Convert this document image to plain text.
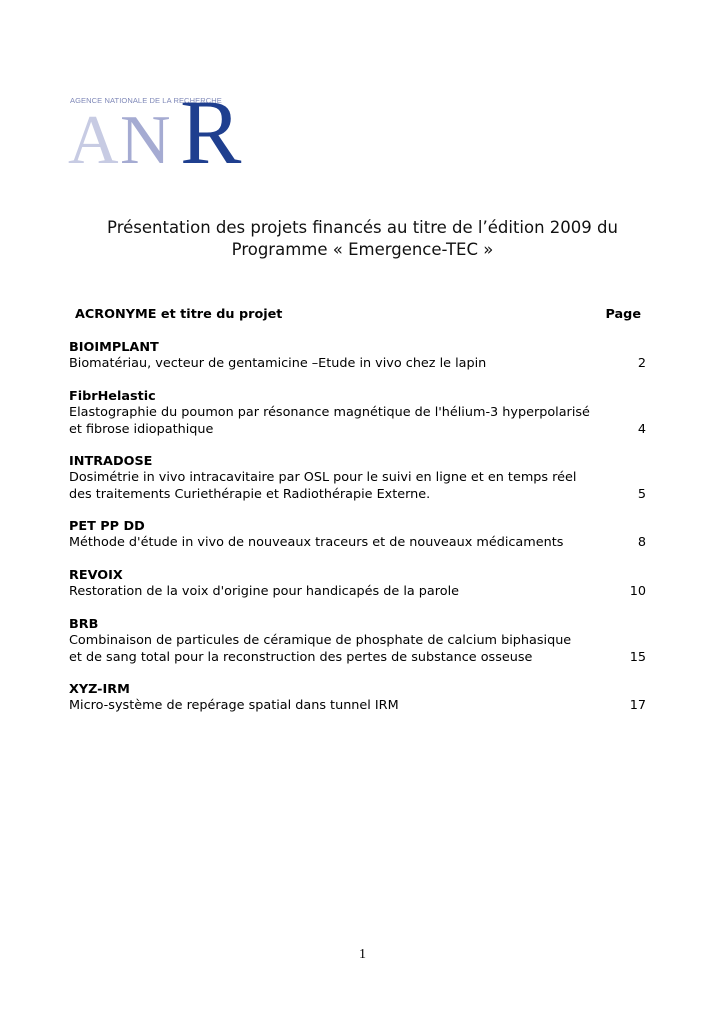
A N R
AGENCE NATIONALE DE LA RECHERCHE
Présentation des projets financés au titre de l’édition 2009 du
Programme « Emergence-TEC »
ACRONYME et titre du projet	Page
BIOIMPLANT
Biomatériau, vecteur de gentamicine –Etude in vivo chez le lapin	2
FibrHelastic
Elastographie du poumon par résonance magnétique de l'hélium-3 hyperpolarisé
et fibrose idiopathique	4
INTRADOSE
Dosimétrie in vivo intracavitaire par OSL pour le suivi en ligne et en temps réel
des traitements Curiethérapie et Radiothérapie Externe.	5
PET PP DD
Méthode d'étude in vivo de nouveaux traceurs et de nouveaux médicaments	8
REVOIX
Restoration de la voix d'origine pour handicapés de la parole	10
BRB
Combinaison de particules de céramique de phosphate de calcium biphasique
et de sang total pour la reconstruction des pertes de substance osseuse	15
XYZ-IRM
Micro-système de repérage spatial dans tunnel IRM	17
1
